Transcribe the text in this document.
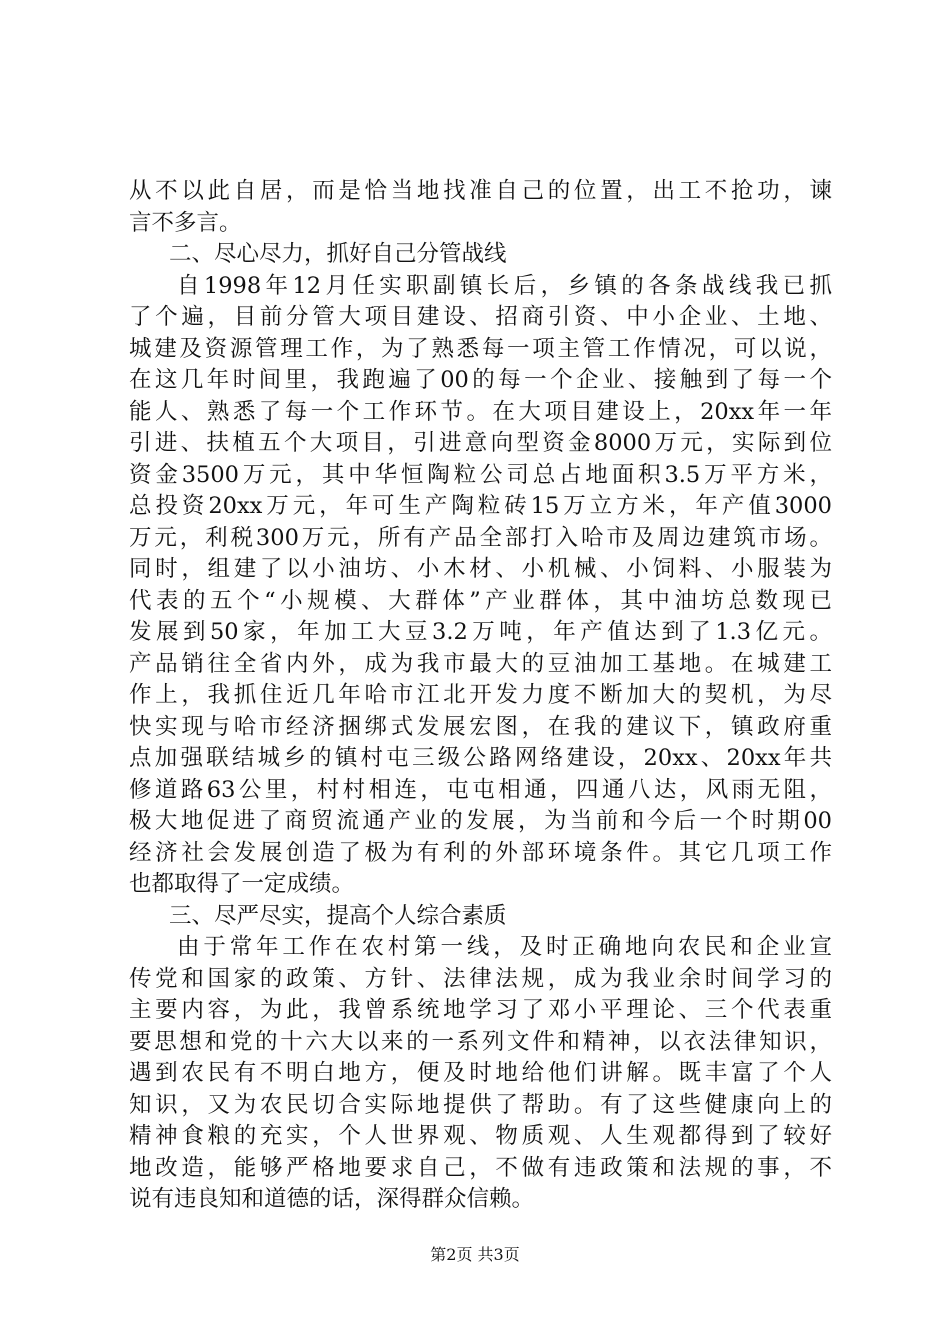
从不以此自居，而是恰当地找准自己的位置，出工不抢功，谏
言不多言。
二、尽心尽力，抓好自己分管战线
自1998年12月任实职副镇长后，乡镇的各条战线我已抓
了个遍，目前分管大项目建设、招商引资、中小企业、土地、
城建及资源管理工作，为了熟悉每一项主管工作情况，可以说，
在这几年时间里，我跑遍了00的每一个企业、接触到了每一个
能人、熟悉了每一个工作环节。在大项目建设上，20xx年一年
引进、扶植五个大项目，引进意向型资金8000万元，实际到位
资金3500万元，其中华恒陶粒公司总占地面积3.5万平方米，
总投资20xx万元，年可生产陶粒砖15万立方米，年产值3000
万元，利税300万元，所有产品全部打入哈市及周边建筑市场。
同时，组建了以小油坊、小木材、小机械、小饲料、小服装为
代表的五个“小规模、大群体”产业群体，其中油坊总数现已
发展到50家，年加工大豆3.2万吨，年产值达到了1.3亿元。
产品销往全省内外，成为我市最大的豆油加工基地。在城建工
作上，我抓住近几年哈市江北开发力度不断加大的契机，为尽
快实现与哈市经济捆绑式发展宏图，在我的建议下，镇政府重
点加强联结城乡的镇村屯三级公路网络建设，20xx、20xx年共
修道路63公里，村村相连，屯屯相通，四通八达，风雨无阻，
极大地促进了商贸流通产业的发展，为当前和今后一个时期00
经济社会发展创造了极为有利的外部环境条件。其它几项工作
也都取得了一定成绩。
三、尽严尽实，提高个人综合素质
由于常年工作在农村第一线，及时正确地向农民和企业宣
传党和国家的政策、方针、法律法规，成为我业余时间学习的
主要内容，为此，我曾系统地学习了邓小平理论、三个代表重
要思想和党的十六大以来的一系列文件和精神，以衣法律知识，
遇到农民有不明白地方，便及时地给他们讲解。既丰富了个人
知识，又为农民切合实际地提供了帮助。有了这些健康向上的
精神食粮的充实，个人世界观、物质观、人生观都得到了较好
地改造，能够严格地要求自己，不做有违政策和法规的事，不
说有违良知和道德的话，深得群众信赖。
第2页 共3页
